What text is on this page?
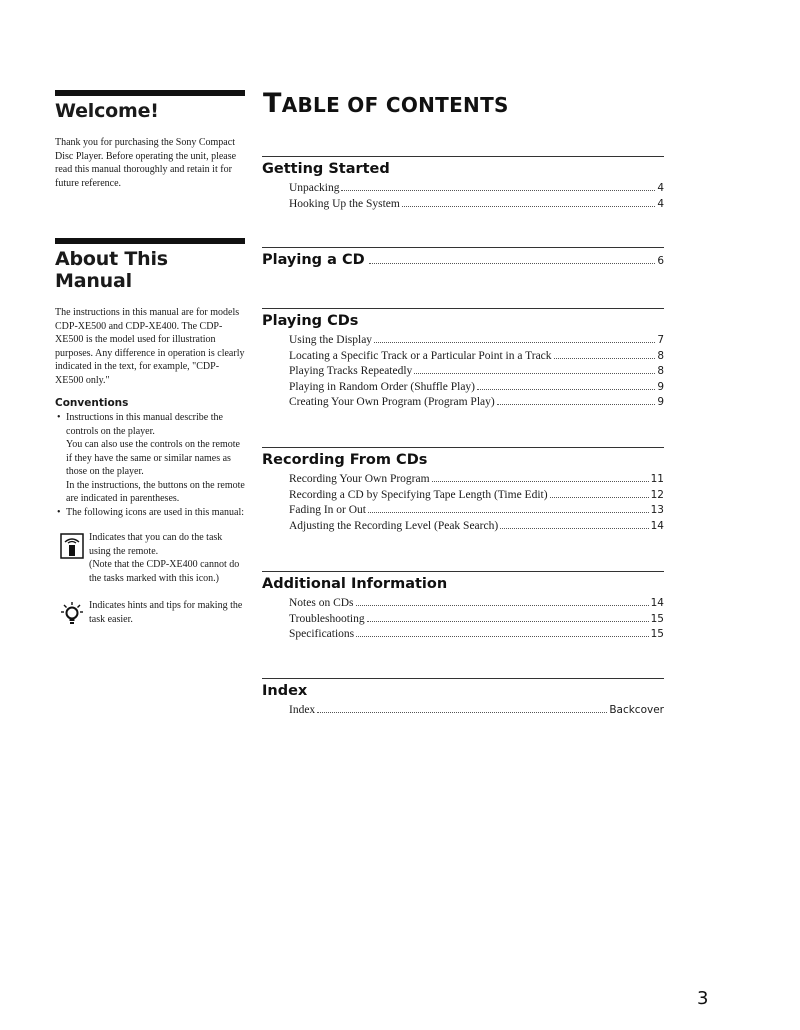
Welcome!

Thank you for purchasing the Sony Compact Disc Player. Before operating the unit, please read this manual thoroughly and retain it for future reference.

About This Manual

The instructions in this manual are for models CDP-XE500 and CDP-XE400. The CDP-XE500 is the model used for illustration purposes. Any difference in operation is clearly indicated in the text, for example, "CDP-XE500 only."

Conventions
• Instructions in this manual describe the controls on the player.
You can also use the controls on the remote if they have the same or similar names as those on the player.
In the instructions, the buttons on the remote are indicated in parentheses.
• The following icons are used in this manual:
Indicates that you can do the task using the remote.
(Note that the CDP-XE400 cannot do the tasks marked with this icon.)
Indicates hints and tips for making the task easier.
TABLE OF CONTENTS
Getting Started
Unpacking	4
Hooking Up the System	4
Playing a CD	6
Playing CDs
Using the Display	7
Locating a Specific Track or a Particular Point in a Track	8
Playing Tracks Repeatedly	8
Playing in Random Order (Shuffle Play)	9
Creating Your Own Program (Program Play)	9
Recording From CDs
Recording Your Own Program	11
Recording a CD by Specifying Tape Length (Time Edit)	12
Fading In or Out	13
Adjusting the Recording Level (Peak Search)	14
Additional Information
Notes on CDs	14
Troubleshooting	15
Specifications	15
Index
Index	Backcover
3
